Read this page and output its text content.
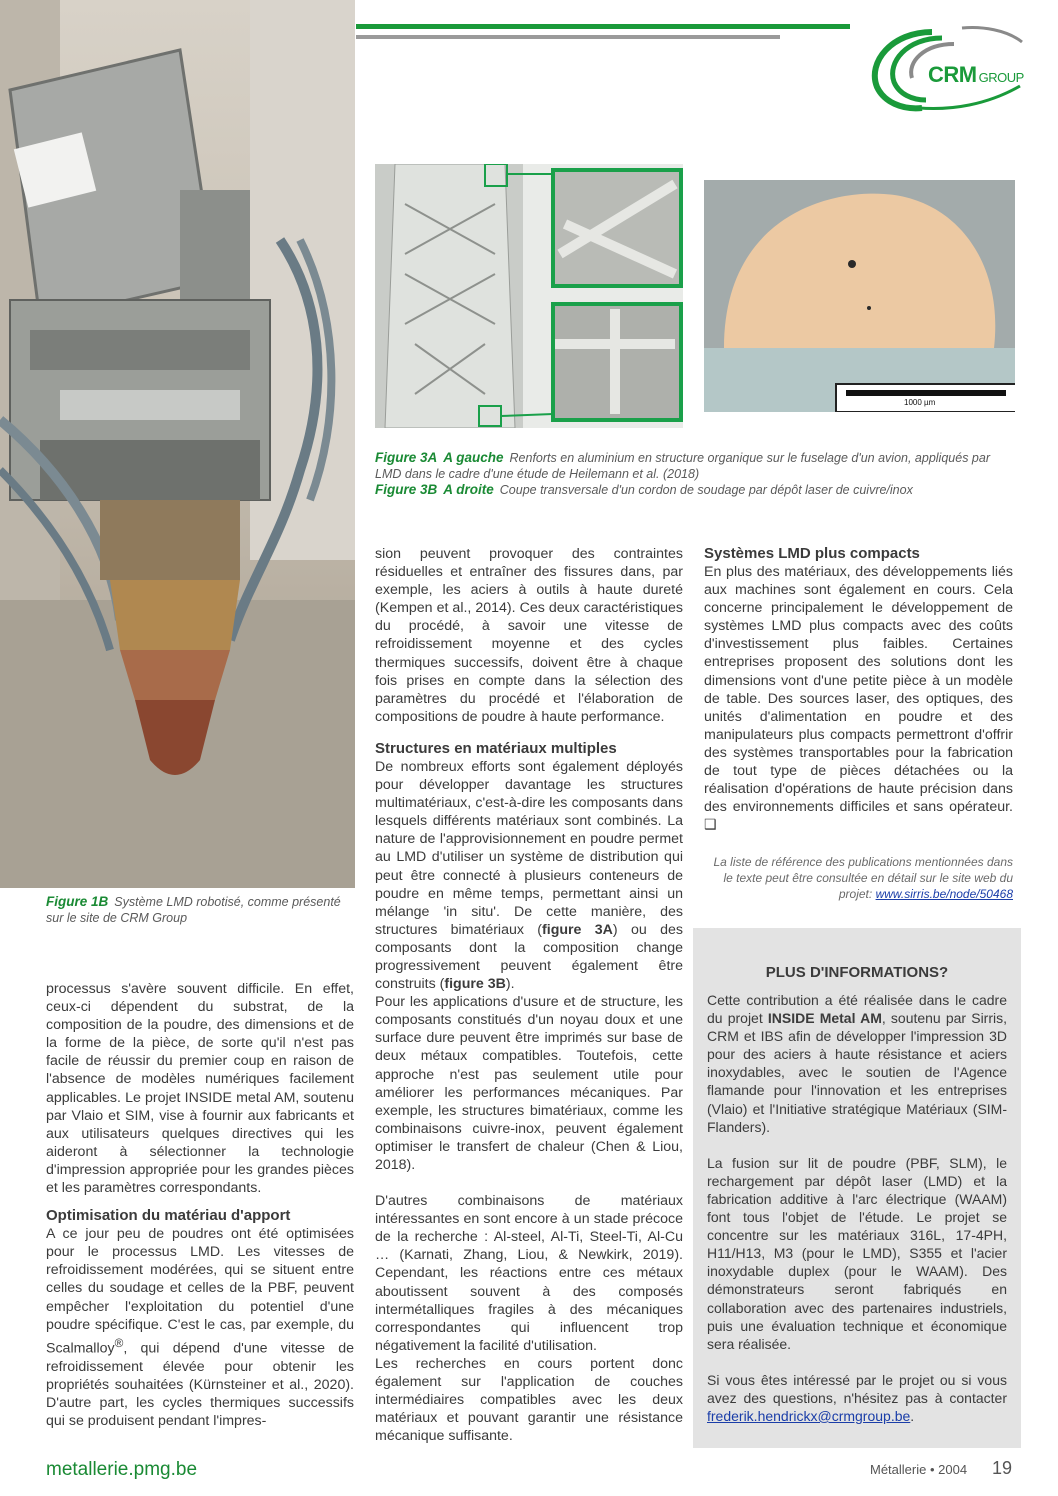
CRM GROUP
Figure 1B Système LMD robotisé, comme présenté sur le site de CRM Group
1000 µm
Figure 3A A gauche Renforts en aluminium en structure organique sur le fuselage d'un avion, appliqués par LMD dans le cadre d'une étude de Heilemann et al. (2018)
Figure 3B A droite Coupe transversale d'un cordon de soudage par dépôt laser de cuivre/inox

processus s'avère souvent difficile. En effet, ceux-ci dépendent du substrat, de la composition de la poudre, des dimensions et de la forme de la pièce, de sorte qu'il n'est pas facile de réussir du premier coup en raison de l'absence de modèles numériques facilement applicables. Le projet INSIDE metal AM, soutenu par Vlaio et SIM, vise à fournir aux fabricants et aux utilisateurs quelques directives qui les aideront à sélectionner la technologie d'impression appropriée pour les grandes pièces et les paramètres correspondants.

Optimisation du matériau d'apport

A ce jour peu de poudres ont été optimisées pour le processus LMD. Les vitesses de refroidissement modérées, qui se situent entre celles du soudage et celles de la PBF, peuvent empêcher l'exploitation du potentiel d'une poudre spécifique. C'est le cas, par exemple, du Scalmalloy®, qui dépend d'une vitesse de refroidissement élevée pour obtenir les propriétés souhaitées (Kürnsteiner et al., 2020). D'autre part, les cycles thermiques successifs qui se produisent pendant l'impres-

sion peuvent provoquer des contraintes résiduelles et entraîner des fissures dans, par exemple, les aciers à outils à haute dureté (Kempen et al., 2014). Ces deux caractéristiques du procédé, à savoir une vitesse de refroidissement moyenne et des cycles thermiques successifs, doivent être à chaque fois prises en compte dans la sélection des paramètres du procédé et l'élaboration de compositions de poudre à haute performance.

Structures en matériaux multiples

De nombreux efforts sont également déployés pour développer davantage les structures multimatériaux, c'est-à-dire les composants dans lesquels différents matériaux sont combinés. La nature de l'approvisionnement en poudre permet au LMD d'utiliser un système de distribution qui peut être connecté à plusieurs conteneurs de poudre en même temps, permettant ainsi un mélange 'in situ'. De cette manière, des structures bimatériaux (figure 3A) ou des composants dont la composition change progressivement peuvent également être construits (figure 3B).

Pour les applications d'usure et de structure, les composants constitués d'un noyau doux et une surface dure peuvent être imprimés sur base de deux métaux compatibles. Toutefois, cette approche n'est pas seulement utile pour améliorer les performances mécaniques. Par exemple, les structures bimatériaux, comme les combinaisons cuivre-inox, peuvent également optimiser le transfert de chaleur (Chen & Liou, 2018).

D'autres combinaisons de matériaux intéressantes en sont encore à un stade précoce de la recherche : Al-steel, Al-Ti, Steel-Ti, Al-Cu … (Karnati, Zhang, Liou, & Newkirk, 2019). Cependant, les réactions entre ces métaux aboutissent souvent à des composés intermétalliques fragiles à des mécaniques correspondantes qui influencent trop négativement la facilité d'utilisation.

Les recherches en cours portent donc également sur l'application de couches intermédiaires compatibles avec les deux matériaux et pouvant garantir une résistance mécanique suffisante.

Systèmes LMD plus compacts

En plus des matériaux, des développements liés aux machines sont également en cours. Cela concerne principalement le développement de systèmes LMD plus compacts avec des coûts d'investissement plus faibles. Certaines entreprises proposent des solutions dont les dimensions vont d'une petite pièce à un modèle de table. Des sources laser, des optiques, des unités d'alimentation en poudre et des manipulateurs plus compacts permettront d'offrir des systèmes transportables pour la fabrication de tout type de pièces détachées ou la réalisation d'opérations de haute précision dans des environnements difficiles et sans opérateur. ❑

La liste de référence des publications mentionnées dans le texte peut être consultée en détail sur le site web du projet: www.sirris.be/node/50468
PLUS D'INFORMATIONS?
Cette contribution a été réalisée dans le cadre du projet INSIDE Metal AM, soutenu par Sirris, CRM et IBS afin de développer l'impression 3D pour des aciers à haute résistance et aciers inoxydables, avec le soutien de l'Agence flamande pour l'innovation et les entreprises (Vlaio) et l'Initiative stratégique Matériaux (SIM-Flanders).
La fusion sur lit de poudre (PBF, SLM), le rechargement par dépôt laser (LMD) et la fabrication additive à l'arc électrique (WAAM) font tous l'objet de l'étude. Le projet se concentre sur les matériaux 316L, 17-4PH, H11/H13, M3 (pour le LMD), S355 et l'acier inoxydable duplex (pour le WAAM). Des démonstrateurs seront fabriqués en collaboration avec des partenaires industriels, puis une évaluation technique et économique sera réalisée.
Si vous êtes intéressé par le projet ou si vous avez des questions, n'hésitez pas à contacter frederik.hendrickx@crmgroup.be.
metallerie.pmg.be	Métallerie • 2004 19
